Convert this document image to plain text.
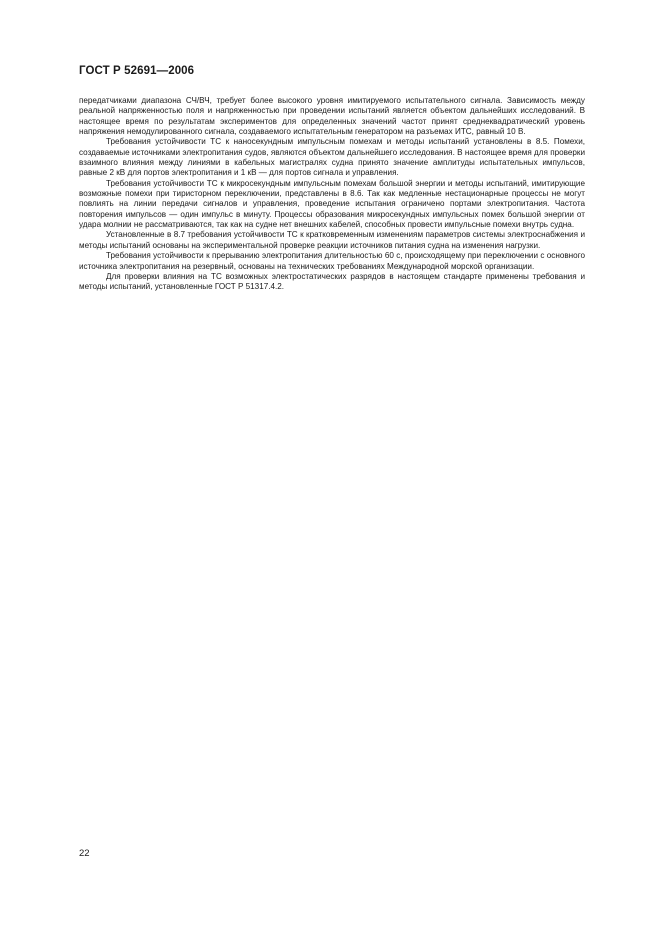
ГОСТ Р 52691—2006

передатчиками диапазона СЧ/ВЧ, требует более высокого уровня имитируемого испытательного сигнала. Зависимость между реальной напряженностью поля и напряженностью при проведении испытаний является объектом дальнейших исследований. В настоящее время по результатам экспериментов для определенных значений частот принят среднеквадратический уровень напряжения немодулированного сигнала, создаваемого испытательным генератором на разъемах ИТС, равный 10 В.

Требования устойчивости ТС к наносекундным импульсным помехам и методы испытаний установлены в 8.5. Помехи, создаваемые источниками электропитания судов, являются объектом дальнейшего исследования. В настоящее время для проверки взаимного влияния между линиями в кабельных магистралях судна принято значение амплитуды испытательных импульсов, равные 2 кВ для портов электропитания и 1 кВ — для портов сигнала и управления.

Требования устойчивости ТС к микросекундным импульсным помехам большой энергии и методы испытаний, имитирующие возможные помехи при тиристорном переключении, представлены в 8.6. Так как медленные нестационарные процессы не могут повлиять на линии передачи сигналов и управления, проведение испытания ограничено портами электропитания. Частота повторения импульсов — один импульс в минуту. Процессы образования микросекундных импульсных помех большой энергии от удара молнии не рассматриваются, так как на судне нет внешних кабелей, способных провести импульсные помехи внутрь судна.

Установленные в 8.7 требования устойчивости ТС к кратковременным изменениям параметров системы электроснабжения и методы испытаний основаны на экспериментальной проверке реакции источников питания судна на изменения нагрузки.

Требования устойчивости к прерыванию электропитания длительностью 60 с, происходящему при переключении с основного источника электропитания на резервный, основаны на технических требованиях Международной морской организации.

Для проверки влияния на ТС возможных электростатических разрядов в настоящем стандарте применены требования и методы испытаний, установленные ГОСТ Р 51317.4.2.

22
